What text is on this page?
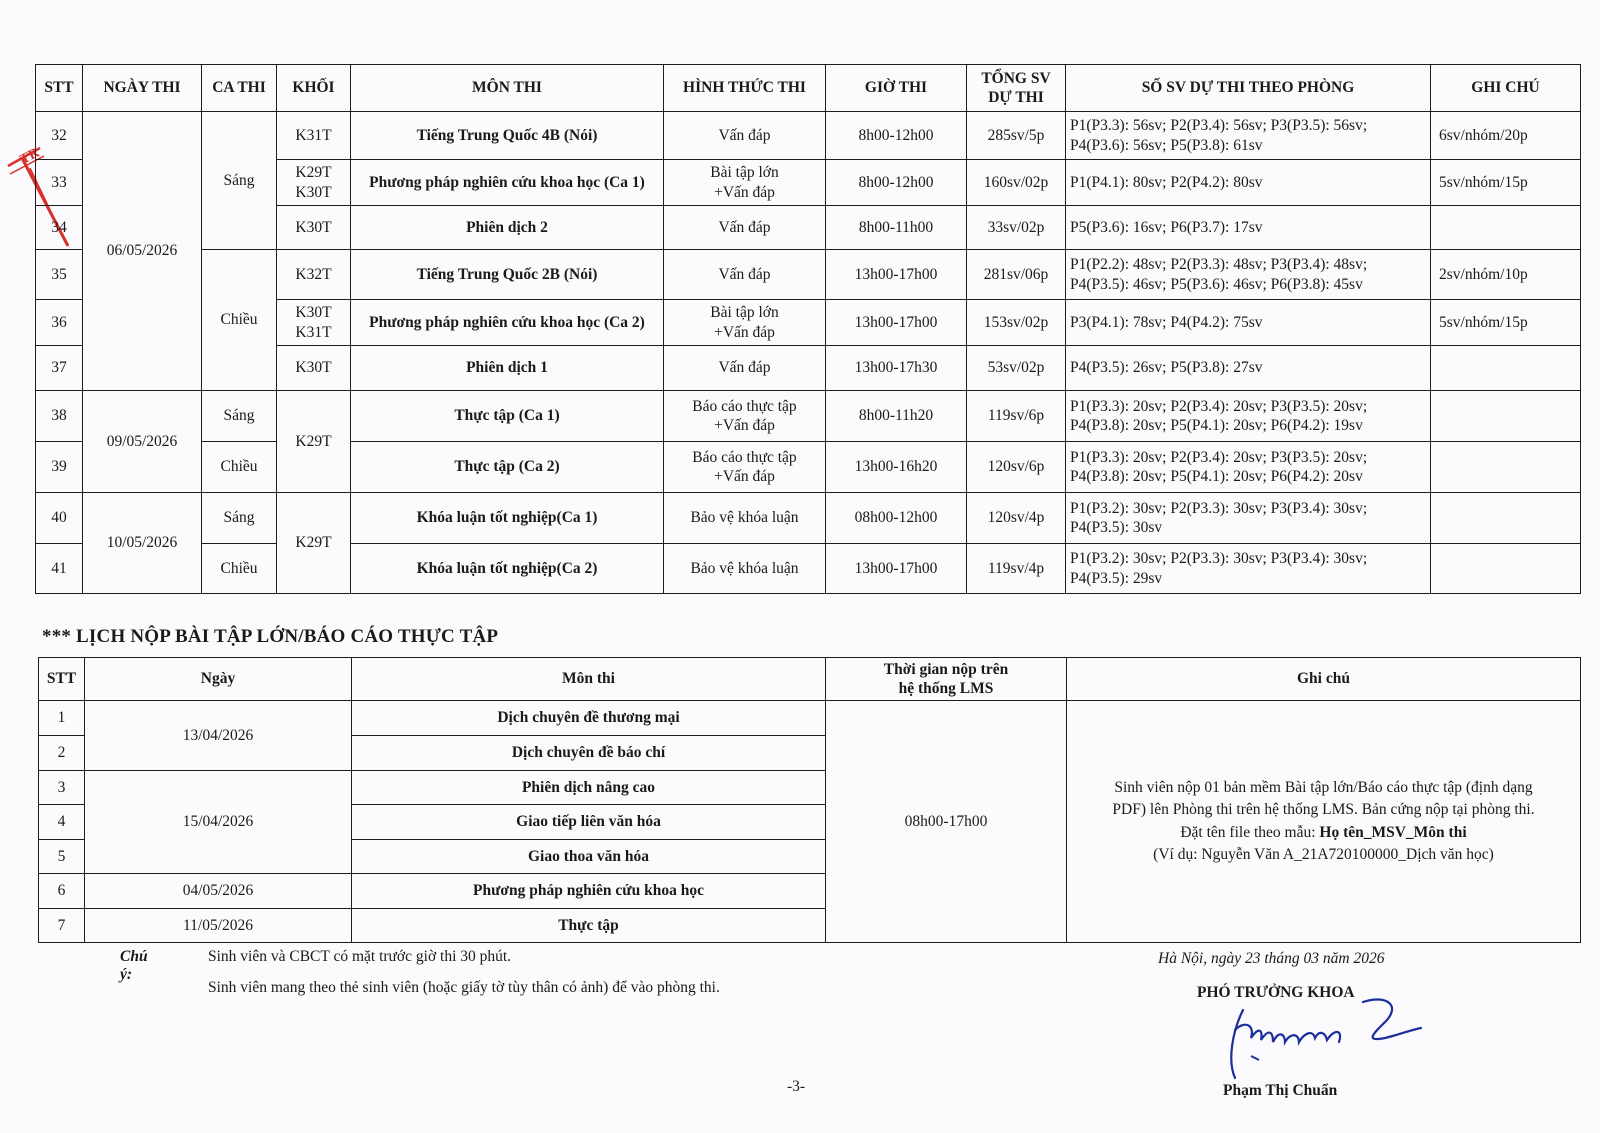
TR
STT	NGÀY THI	CA THI	KHỐI	MÔN THI	HÌNH THỨC THI	GIỜ THI	TỔNG SV
DỰ THI	SỐ SV DỰ THI THEO PHÒNG	GHI CHÚ
32	06/05/2026	Sáng	K31T	Tiếng Trung Quốc 4B (Nói)	Vấn đáp	8h00-12h00	285sv/5p	P1(P3.3): 56sv; P2(P3.4): 56sv; P3(P3.5): 56sv;
P4(P3.6): 56sv; P5(P3.8): 61sv	6sv/nhóm/20p
33			K29T
K30T	Phương pháp nghiên cứu khoa học (Ca 1)	Bài tập lớn
+Vấn đáp	8h00-12h00	160sv/02p	P1(P4.1): 80sv; P2(P4.2): 80sv	5sv/nhóm/15p
34			K30T	Phiên dịch 2	Vấn đáp	8h00-11h00	33sv/02p	P5(P3.6): 16sv; P6(P3.7): 17sv	
35		Chiều	K32T	Tiếng Trung Quốc 2B (Nói)	Vấn đáp	13h00-17h00	281sv/06p	P1(P2.2): 48sv; P2(P3.3): 48sv; P3(P3.4): 48sv;
P4(P3.5): 46sv; P5(P3.6): 46sv; P6(P3.8): 45sv	2sv/nhóm/10p
36			K30T
K31T	Phương pháp nghiên cứu khoa học (Ca 2)	Bài tập lớn
+Vấn đáp	13h00-17h00	153sv/02p	P3(P4.1): 78sv; P4(P4.2): 75sv	5sv/nhóm/15p
37			K30T	Phiên dịch 1	Vấn đáp	13h00-17h30	53sv/02p	P4(P3.5): 26sv; P5(P3.8): 27sv	
38	09/05/2026	Sáng	K29T	Thực tập (Ca 1)	Báo cáo thực tập
+Vấn đáp	8h00-11h20	119sv/6p	P1(P3.3): 20sv; P2(P3.4): 20sv; P3(P3.5): 20sv;
P4(P3.8): 20sv; P5(P4.1): 20sv; P6(P4.2): 19sv	

39		Chiều		Thực tập (Ca 2)	Báo cáo thực tập
+Vấn đáp	13h00-16h20	120sv/6p	P1(P3.3): 20sv; P2(P3.4): 20sv; P3(P3.5): 20sv;
P4(P3.8): 20sv; P5(P4.1): 20sv; P6(P4.2): 20sv	

40	10/05/2026	Sáng	K29T	Khóa luận tốt nghiệp(Ca 1)	Bảo vệ khóa luận	08h00-12h00	120sv/4p	P1(P3.2): 30sv; P2(P3.3): 30sv; P3(P3.4): 30sv;
P4(P3.5): 30sv	

41		Chiều		Khóa luận tốt nghiệp(Ca 2)	Bảo vệ khóa luận	13h00-17h00	119sv/4p	P1(P3.2): 30sv; P2(P3.3): 30sv; P3(P3.4): 30sv;
P4(P3.5): 29sv	

*** LỊCH NỘP BÀI TẬP LỚN/BÁO CÁO THỰC TẬP
STT	Ngày	Môn thi	Thời gian nộp trên
hệ thống LMS	Ghi chú
1	13/04/2026	Dịch chuyên đề thương mại	08h00-17h00	Sinh viên nộp 01 bản mềm Bài tập lớn/Báo cáo thực tập (định dạng
PDF) lên Phòng thi trên hệ thống LMS. Bản cứng nộp tại phòng thi.
Đặt tên file theo mẫu: Họ tên_MSV_Môn thi
(Ví dụ: Nguyễn Văn A_21A720100000_Dịch văn học)

2		Dịch chuyên đề báo chí		
3	15/04/2026	Phiên dịch nâng cao		
4		Giao tiếp liên văn hóa		
5		Giao thoa văn hóa		
6	04/05/2026	Phương pháp nghiên cứu khoa học		
7	11/05/2026	Thực tập		
Chú ý:
Sinh viên và CBCT có mặt trước giờ thi 30 phút.
Sinh viên mang theo thẻ sinh viên (hoặc giấy tờ tùy thân có ảnh) để vào phòng thi.
Hà Nội, ngày 23 tháng 03 năm 2026
PHÓ TRƯỞNG KHOA
Phạm Thị Chuẩn
-3-
